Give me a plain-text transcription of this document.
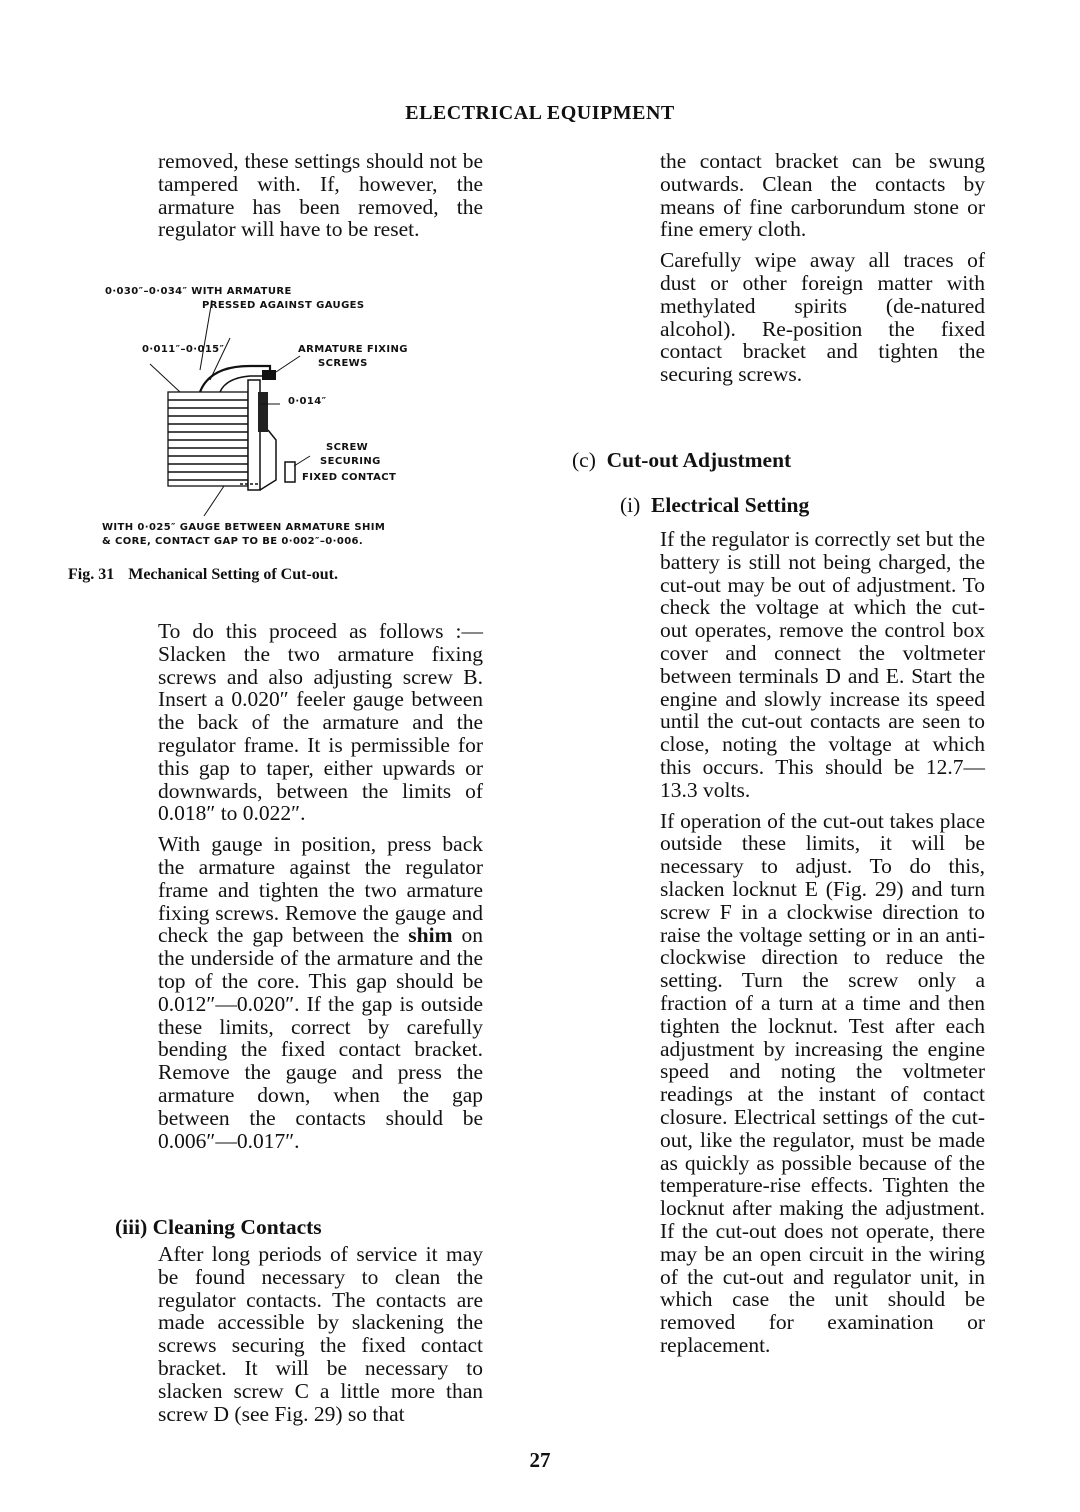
ELECTRICAL EQUIPMENT

removed, these settings should not be tampered with. If, however, the armature has been removed, the regulator will have to be reset.

0·030″–0·034″ WITH ARMATURE
PRESSED AGAINST GAUGES
0·011″–0·015″	ARMATURE FIXING
SCREWS
0·014″
SCREW
SECURING
FIXED CONTACT
WITH 0·025″ GAUGE BETWEEN ARMATURE SHIM
& CORE, CONTACT GAP TO BE 0·002″–0·006.
Fig. 31 Mechanical Setting of Cut-out.

To do this proceed as follows :— Slacken the two armature fixing screws and also adjusting screw B. Insert a 0.020″ feeler gauge between the back of the armature and the regulator frame. It is permissible for this gap to taper, either upwards or downwards, between the limits of 0.018″ to 0.022″.

With gauge in position, press back the armature against the regulator frame and tighten the two armature fixing screws. Remove the gauge and check the gap between the shim on the underside of the armature and the top of the core. This gap should be 0.012″—0.020″. If the gap is outside these limits, correct by carefully bending the fixed contact bracket. Remove the gauge and press the armature down, when the gap between the contacts should be 0.006″—0.017″.

(iii) Cleaning Contacts

After long periods of service it may be found necessary to clean the regulator contacts. The contacts are made accessible by slackening the screws securing the fixed contact bracket. It will be necessary to slacken screw C a little more than screw D (see Fig. 29) so that

the contact bracket can be swung outwards. Clean the contacts by means of fine carborundum stone or fine emery cloth.

Carefully wipe away all traces of dust or other foreign matter with methylated spirits (de-natured alcohol). Re-position the fixed contact bracket and tighten the securing screws.

(c) Cut-out Adjustment
(i) Electrical Setting

If the regulator is correctly set but the battery is still not being charged, the cut-out may be out of adjustment. To check the voltage at which the cut-out operates, remove the control box cover and connect the voltmeter between terminals D and E. Start the engine and slowly increase its speed until the cut-out contacts are seen to close, noting the voltage at which this occurs. This should be 12.7—13.3 volts.

If operation of the cut-out takes place outside these limits, it will be necessary to adjust. To do this, slacken locknut E (Fig. 29) and turn screw F in a clockwise direction to raise the voltage setting or in an anti-clockwise direction to reduce the setting. Turn the screw only a fraction of a turn at a time and then tighten the locknut. Test after each adjustment by increasing the engine speed and noting the voltmeter readings at the instant of contact closure. Electrical settings of the cut-out, like the regulator, must be made as quickly as possible because of the temperature-rise effects. Tighten the locknut after making the adjustment. If the cut-out does not operate, there may be an open circuit in the wiring of the cut-out and regulator unit, in which case the unit should be removed for examination or replacement.

27
